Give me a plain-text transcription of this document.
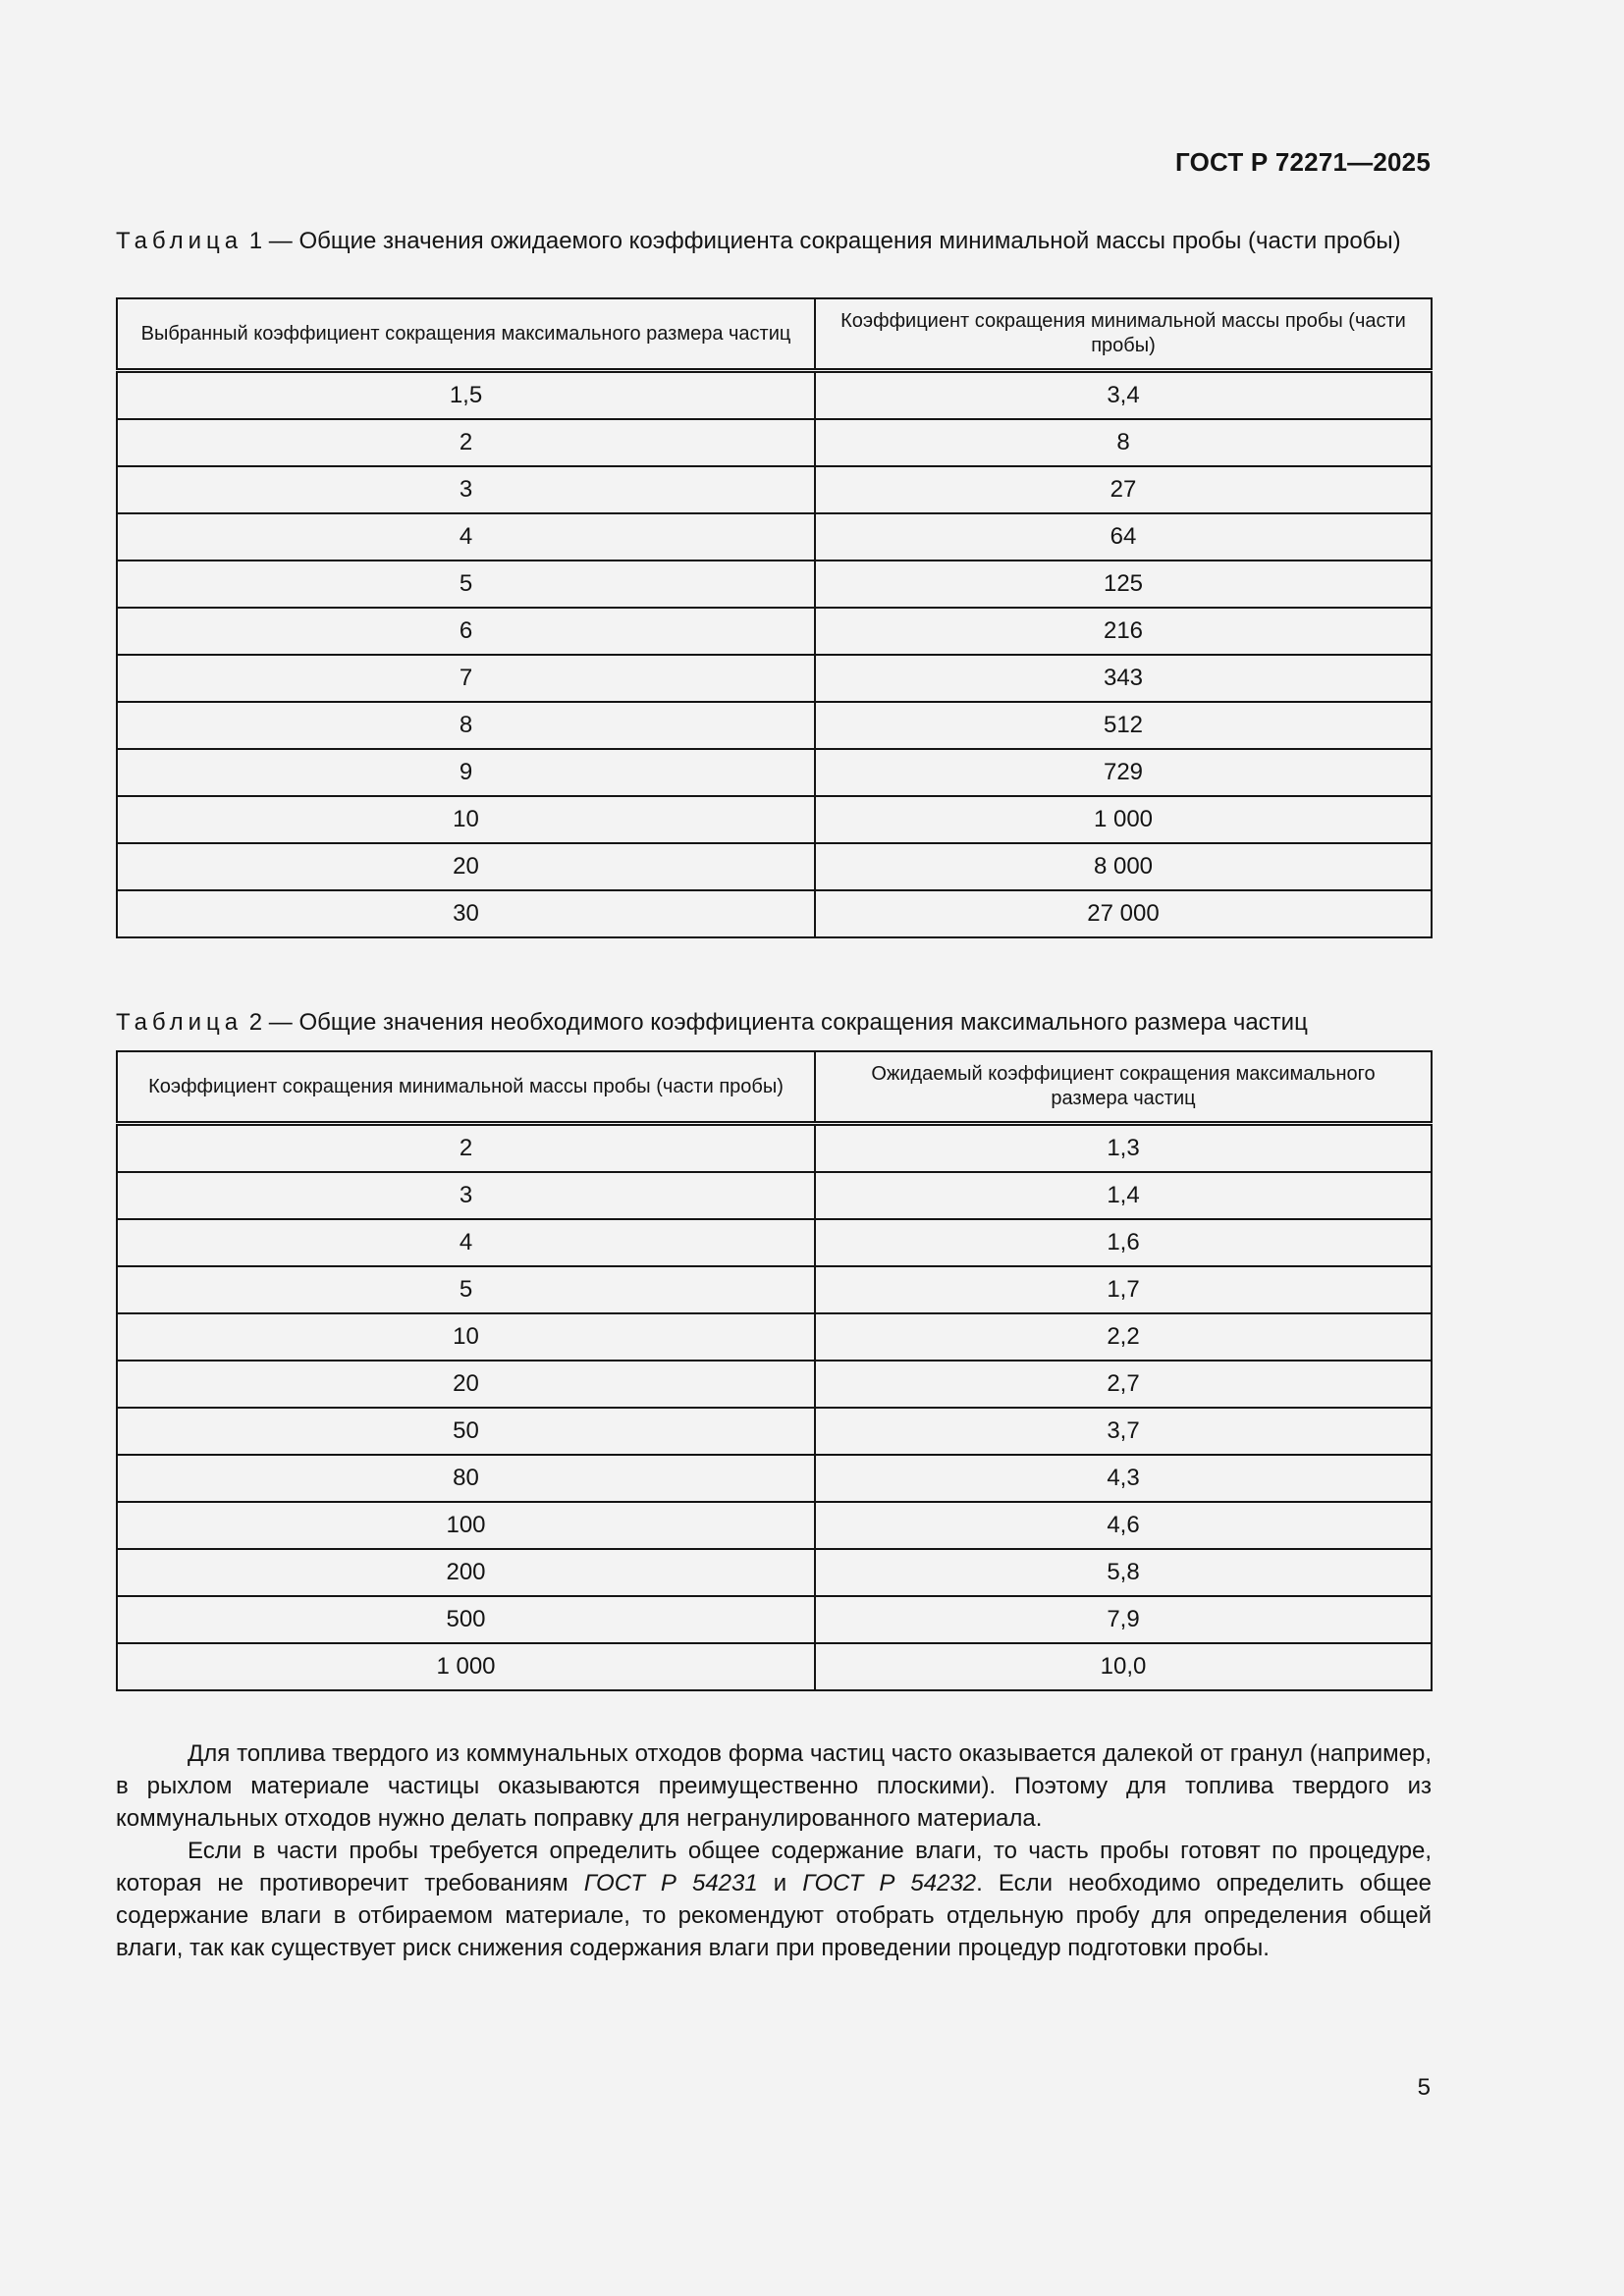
ГОСТ Р 72271—2025
Таблица 1 — Общие значения ожидаемого коэффициента сокращения минимальной массы пробы (части пробы)
Выбранный коэффициент сокращения максимального размера частиц	Коэффициент сокращения минимальной массы пробы (части пробы)
1,5	3,4
2	8
3	27
4	64
5	125
6	216
7	343
8	512
9	729
10	1 000
20	8 000
30	27 000
Таблица 2 — Общие значения необходимого коэффициента сокращения максимального размера частиц
Коэффициент сокращения минимальной массы пробы (части пробы)	Ожидаемый коэффициент сокращения максимального размера частиц
2	1,3
3	1,4
4	1,6
5	1,7
10	2,2
20	2,7
50	3,7
80	4,3
100	4,6
200	5,8
500	7,9
1 000	10,0

Для топлива твердого из коммунальных отходов форма частиц часто оказывается далекой от гранул (например, в рыхлом материале частицы оказываются преимущественно плоскими). Поэтому для топлива твердого из коммунальных отходов нужно делать поправку для негранулированного материала.

Если в части пробы требуется определить общее содержание влаги, то часть пробы готовят по процедуре, которая не противоречит требованиям ГОСТ Р 54231 и ГОСТ Р 54232. Если необходимо определить общее содержание влаги в отбираемом материале, то рекомендуют отобрать отдельную пробу для определения общей влаги, так как существует риск снижения содержания влаги при проведении процедур подготовки пробы.

5
